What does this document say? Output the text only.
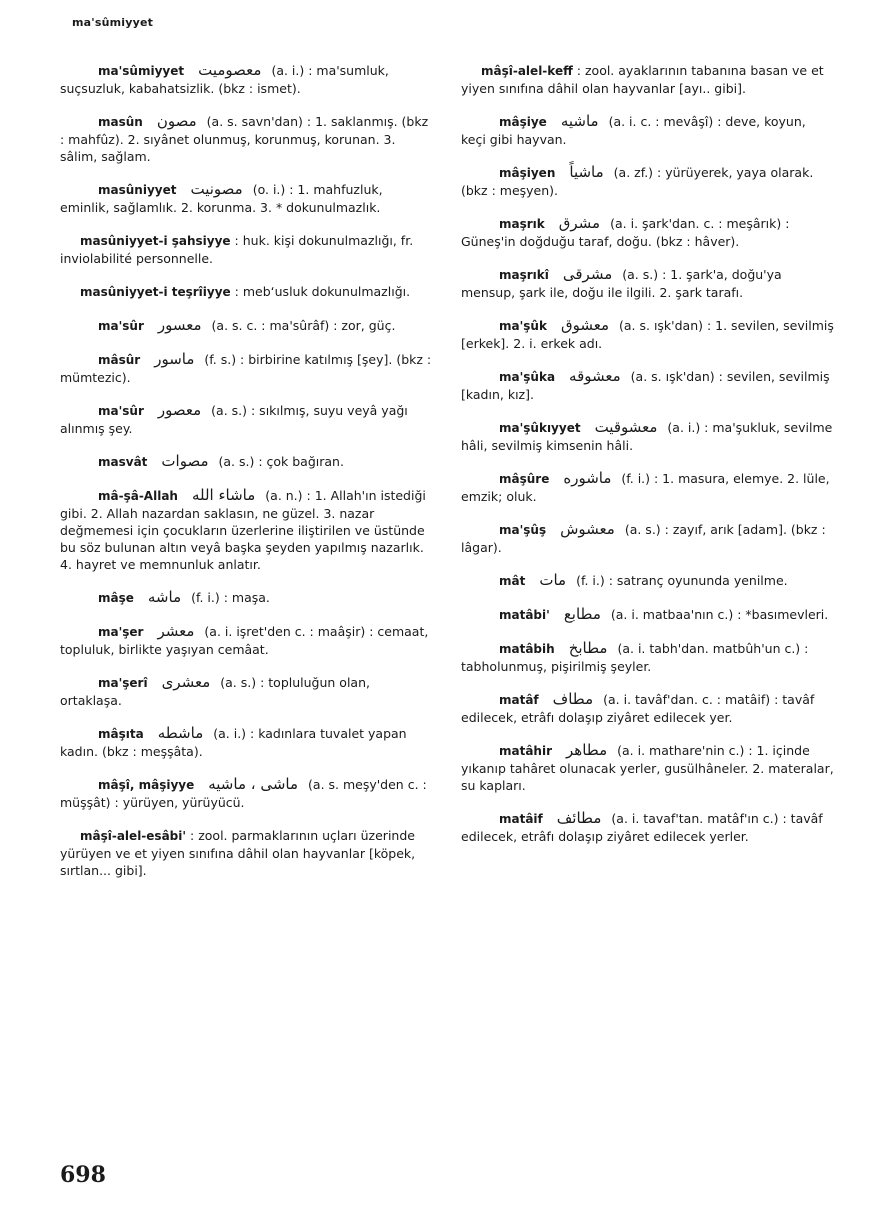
ma'sûmiyyet
ma'sûmiyyet معصوميت (a. i.) : ma'sumluk, suçsuzluk, kabahatsizlik. (bkz : ismet).
masûn مصون (a. s. savn'dan) : 1. saklanmış. (bkz : mahfûz). 2. sıyânet olunmuş, korunmuş, korunan. 3. sâlim, sağlam.
masûniyyet مصونيت (o. i.) : 1. mahfuzluk, eminlik, sağlamlık. 2. korunma. 3. * dokunulmazlık.
masûniyyet-i şahsiyye : huk. kişi dokunulmazlığı, fr. inviolabilité personnelle.
masûniyyet-i teşrîiyye : mebʻusluk dokunulmazlığı.
ma'sûr معسور (a. s. c. : ma'sûrâf) : zor, güç.
mâsûr ماسور (f. s.) : birbirine katılmış [şey]. (bkz : mümtezic).
ma'sûr معصور (a. s.) : sıkılmış, suyu veyâ yağı alınmış şey.
masvât مصوات (a. s.) : çok bağıran.
mâ-şâ-Allah ماشاء الله (a. n.) : 1. Allah'ın istediği gibi. 2. Allah nazardan saklasın, ne güzel. 3. nazar değmemesi için çocukların üzerlerine iliştirilen ve üstünde bu söz bulunan altın veyâ başka şeyden yapılmış nazarlık. 4. hayret ve memnunluk anlatır.
mâşe ماشه (f. i.) : maşa.
ma'şer معشر (a. i. işret'den c. : maâşir) : cemaat, topluluk, birlikte yaşıyan cemâat.
ma'şerî معشرى (a. s.) : topluluğun olan, ortaklaşa.
mâşıta ماشطه (a. i.) : kadınlara tuvalet yapan kadın. (bkz : meşşâta).
mâşî, mâşiyye ماشى ، ماشيه (a. s. meşy'den c. : müşşât) : yürüyen, yürüyücü.
mâşî-alel-esâbi' : zool. parmaklarının uçları üzerinde yürüyen ve et yiyen sınıfına dâhil olan hayvanlar [köpek, sırtlan... gibi].
mâşî-alel-keff : zool. ayaklarının tabanına basan ve et yiyen sınıfına dâhil olan hayvanlar [ayı.. gibi].
mâşiye ماشيه (a. i. c. : mevâşî) : deve, koyun, keçi gibi hayvan.
mâşiyen ماشياً (a. zf.) : yürüyerek, yaya olarak. (bkz : meşyen).
maşrık مشرق (a. i. şark'dan. c. : meşârık) : Güneş'in doğduğu taraf, doğu. (bkz : hâver).
maşrıkî مشرقى (a. s.) : 1. şark'a, doğu'ya mensup, şark ile, doğu ile ilgili. 2. şark tarafı.
ma'şûk معشوق (a. s. ışk'dan) : 1. sevilen, sevilmiş [erkek]. 2. i. erkek adı.
ma'şûka معشوقه (a. s. ışk'dan) : sevilen, sevilmiş [kadın, kız].
ma'şûkıyyet معشوقيت (a. i.) : ma'şukluk, sevilme hâli, sevilmiş kimsenin hâli.
mâşûre ماشوره (f. i.) : 1. masura, elemye. 2. lüle, emzik; oluk.
ma'şûş معشوش (a. s.) : zayıf, arık [adam]. (bkz : lâgar).
mât مات (f. i.) : satranç oyununda yenilme.
matâbi' مطابع (a. i. matbaa'nın c.) : *basımevleri.
matâbih مطابخ (a. i. tabh'dan. matbûh'un c.) : tabholunmuş, pişirilmiş şeyler.
matâf مطاف (a. i. tavâf'dan. c. : matâif) : tavâf edilecek, etrâfı dolaşıp ziyâret edilecek yer.
matâhir مطاهر (a. i. mathare'nin c.) : 1. içinde yıkanıp tahâret olunacak yerler, gusülhâneler. 2. materalar, su kapları.
matâif مطائف (a. i. tavaf'tan. matâf'ın c.) : tavâf edilecek, etrâfı dolaşıp ziyâret edilecek yerler.
698
